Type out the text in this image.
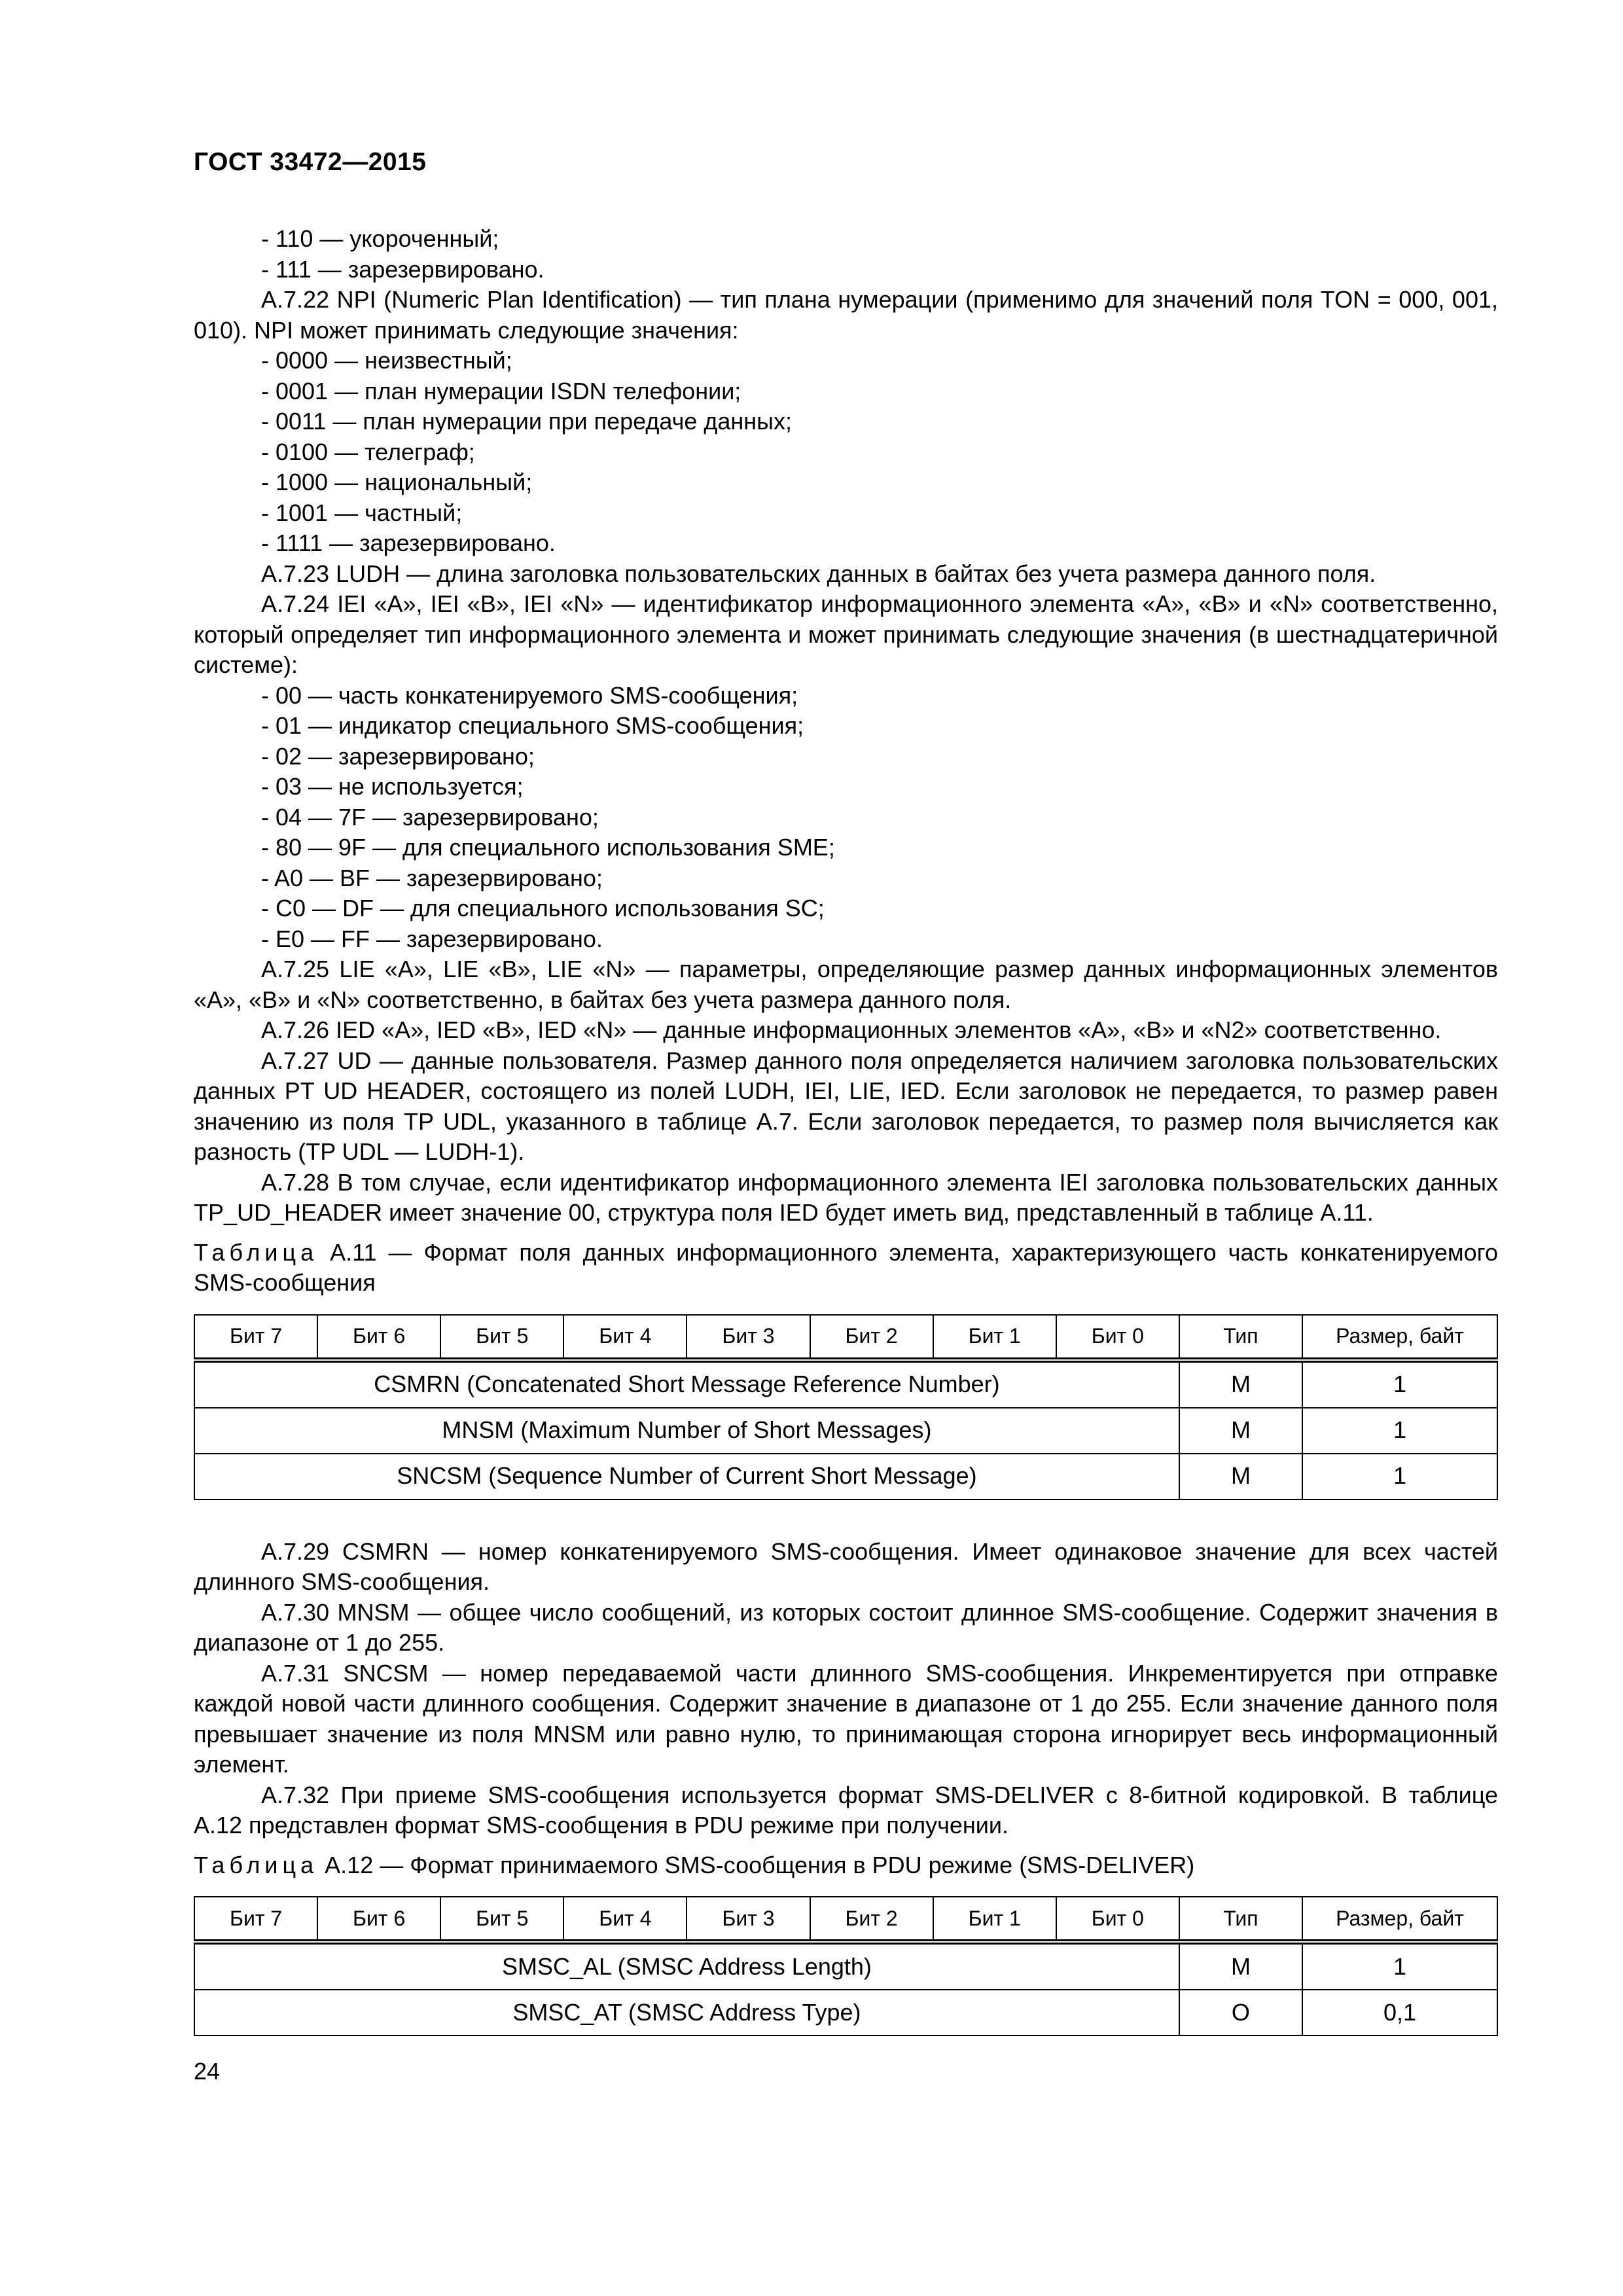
ГОСТ 33472—2015

- 110 — укороченный;

- 111 — зарезервировано.

А.7.22 NPI (Numeric Plan Identification) — тип плана нумерации (применимо для значений поля TON = 000, 001, 010). NPI может принимать следующие значения:

- 0000 — неизвестный;

- 0001 — план нумерации ISDN телефонии;

- 0011 — план нумерации при передаче данных;

- 0100 — телеграф;

- 1000 — национальный;

- 1001 — частный;

- 1111 — зарезервировано.

А.7.23 LUDH — длина заголовка пользовательских данных в байтах без учета размера данного поля.

А.7.24 IEI «A», IEI «B», IEI «N» — идентификатор информационного элемента «A», «B» и «N» соответственно, который определяет тип информационного элемента и может принимать следующие значения (в шестнадцатеричной системе):

- 00 — часть конкатенируемого SMS-сообщения;

- 01 — индикатор специального SMS-сообщения;

- 02 — зарезервировано;

- 03 — не используется;

- 04 — 7F — зарезервировано;

- 80 — 9F — для специального использования SME;

- A0 — BF — зарезервировано;

- C0 — DF — для специального использования SC;

- E0 — FF — зарезервировано.

А.7.25 LIE «A», LIE «B», LIE «N» — параметры, определяющие размер данных информационных элементов «A», «B» и «N» соответственно, в байтах без учета размера данного поля.

А.7.26 IED «A», IED «B», IED «N» — данные информационных элементов «A», «B» и «N2» соответственно.

А.7.27 UD — данные пользователя. Размер данного поля определяется наличием заголовка пользовательских данных PT UD HEADER, состоящего из полей LUDH, IEI, LIE, IED. Если заголовок не передается, то размер равен значению из поля TP UDL, указанного в таблице А.7. Если заголовок передается, то размер поля вычисляется как разность (TP UDL — LUDH-1).

А.7.28 В том случае, если идентификатор информационного элемента IEI заголовка пользовательских данных TP_UD_HEADER имеет значение 00, структура поля IED будет иметь вид, представленный в таблице А.11.

Таблица А.11 — Формат поля данных информационного элемента, характеризующего часть конкатенируемого SMS-сообщения

Бит 7	Бит 6	Бит 5	Бит 4	Бит 3	Бит 2	Бит 1	Бит 0	Тип	Размер, байт
CSMRN (Concatenated Short Message Reference Number)								M	1
MNSM (Maximum Number of Short Messages)								M	1
SNCSM (Sequence Number of Current Short Message)								M	1

А.7.29 CSMRN — номер конкатенируемого SMS-сообщения. Имеет одинаковое значение для всех частей длинного SMS-сообщения.

А.7.30 MNSM — общее число сообщений, из которых состоит длинное SMS-сообщение. Содержит значения в диапазоне от 1 до 255.

А.7.31 SNCSM — номер передаваемой части длинного SMS-сообщения. Инкрементируется при отправке каждой новой части длинного сообщения. Содержит значение в диапазоне от 1 до 255. Если значение данного поля превышает значение из поля MNSM или равно нулю, то принимающая сторона игнорирует весь информационный элемент.

А.7.32 При приеме SMS-сообщения используется формат SMS-DELIVER с 8-битной кодировкой. В таблице А.12 представлен формат SMS-сообщения в PDU режиме при получении.

Таблица А.12 — Формат принимаемого SMS-сообщения в PDU режиме (SMS-DELIVER)

Бит 7	Бит 6	Бит 5	Бит 4	Бит 3	Бит 2	Бит 1	Бит 0	Тип	Размер, байт
SMSC_AL (SMSC Address Length)								M	1
SMSC_AT (SMSC Address Type)								O	0,1
24
